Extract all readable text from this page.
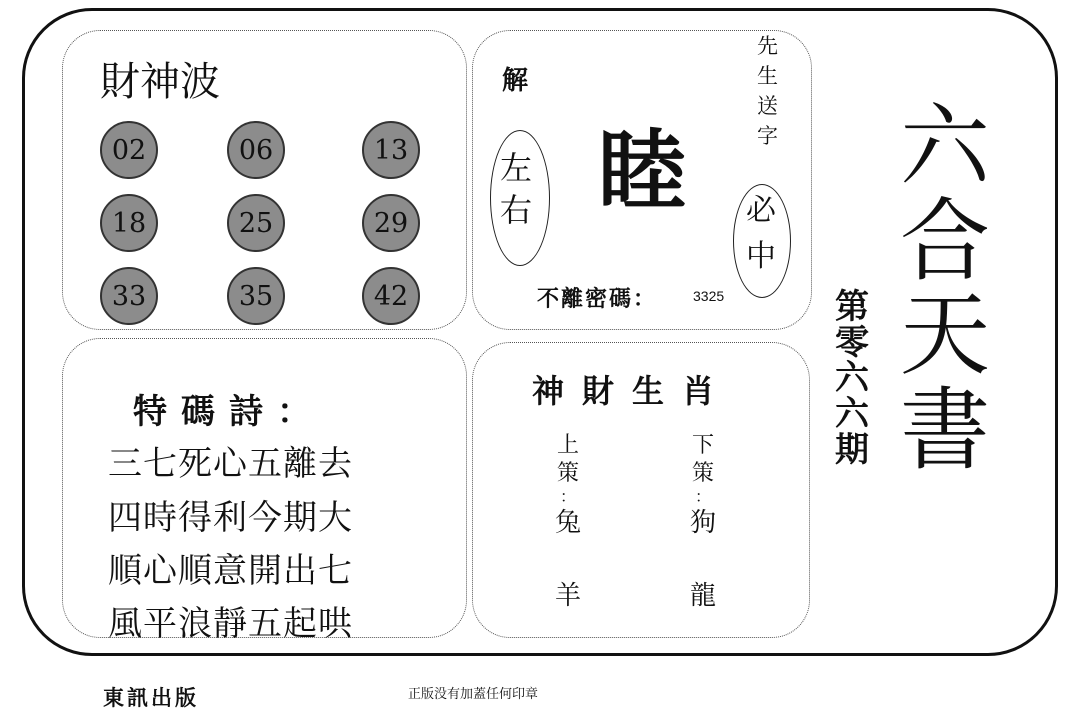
財神波
02	06	13
18	25	29
33	35	42
解
左
右 睦
先
生
送
字
必
中
不離密碼：	3325
特碼詩：
三七死心五離去
四時得利今期大
順心順意開出七
風平浪靜五起哄
神財生肖
上
策
：
兔
羊
下
策
：
狗
龍
第
零
六
六
期
六
合
天
書
東訊出版	正版没有加蓋任何印章
